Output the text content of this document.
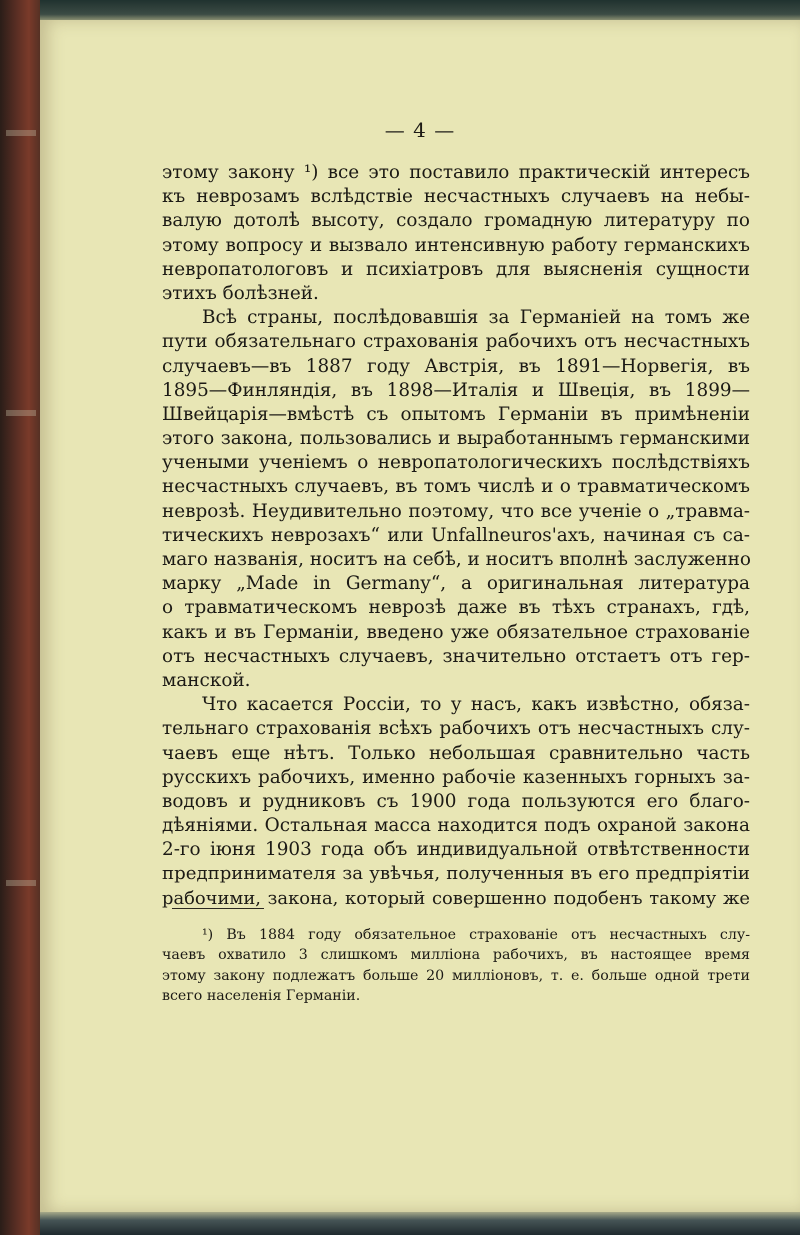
— 4 —
этому закону ¹) все это поставило практическій интересъ
къ неврозамъ вслѣдствіе несчастныхъ случаевъ на небы-
валую дотолѣ высоту, создало громадную литературу по
этому вопросу и вызвало интенсивную работу германскихъ
невропатологовъ и психіатровъ для выясненія сущности
этихъ болѣзней.
Всѣ страны, послѣдовавшія за Германіей на томъ же
пути обязательнаго страхованія рабочихъ отъ несчастныхъ
случаевъ—въ 1887 году Австрія, въ 1891—Норвегія, въ
1895—Финляндія, въ 1898—Италія и Швеція, въ 1899—
Швейцарія—вмѣстѣ съ опытомъ Германіи въ примѣненіи
этого закона, пользовались и выработаннымъ германскими
учеными ученіемъ о невропатологическихъ послѣдствіяхъ
несчастныхъ случаевъ, въ томъ числѣ и о травматическомъ
неврозѣ. Неудивительно поэтому, что все ученіе о „травма-
тическихъ неврозахъ“ или Unfallneuros'ахъ, начиная съ са-
маго названія, носитъ на себѣ, и носитъ вполнѣ заслуженно
марку „Made in Germany“, а оригинальная литература
о травматическомъ неврозѣ даже въ тѣхъ странахъ, гдѣ,
какъ и въ Германіи, введено уже обязательное страхованіе
отъ несчастныхъ случаевъ, значительно отстаетъ отъ гер-
манской.
Что касается Россіи, то у насъ, какъ извѣстно, обяза-
тельнаго страхованія всѣхъ рабочихъ отъ несчастныхъ слу-
чаевъ еще нѣтъ. Только небольшая сравнительно часть
русскихъ рабочихъ, именно рабочіе казенныхъ горныхъ за-
водовъ и рудниковъ съ 1900 года пользуются его благо-
дѣяніями. Остальная масса находится подъ охраной закона
2-го іюня 1903 года объ индивидуальной отвѣтственности
предпринимателя за увѣчья, полученныя въ его предпріятіи
рабочими, закона, который совершенно подобенъ такому же
¹) Въ 1884 году обязательное страхованіе отъ несчастныхъ слу-
чаевъ охватило 3 слишкомъ милліона рабочихъ, въ настоящее время
этому закону подлежатъ больше 20 милліоновъ, т. е. больше одной трети
всего населенія Германіи.
